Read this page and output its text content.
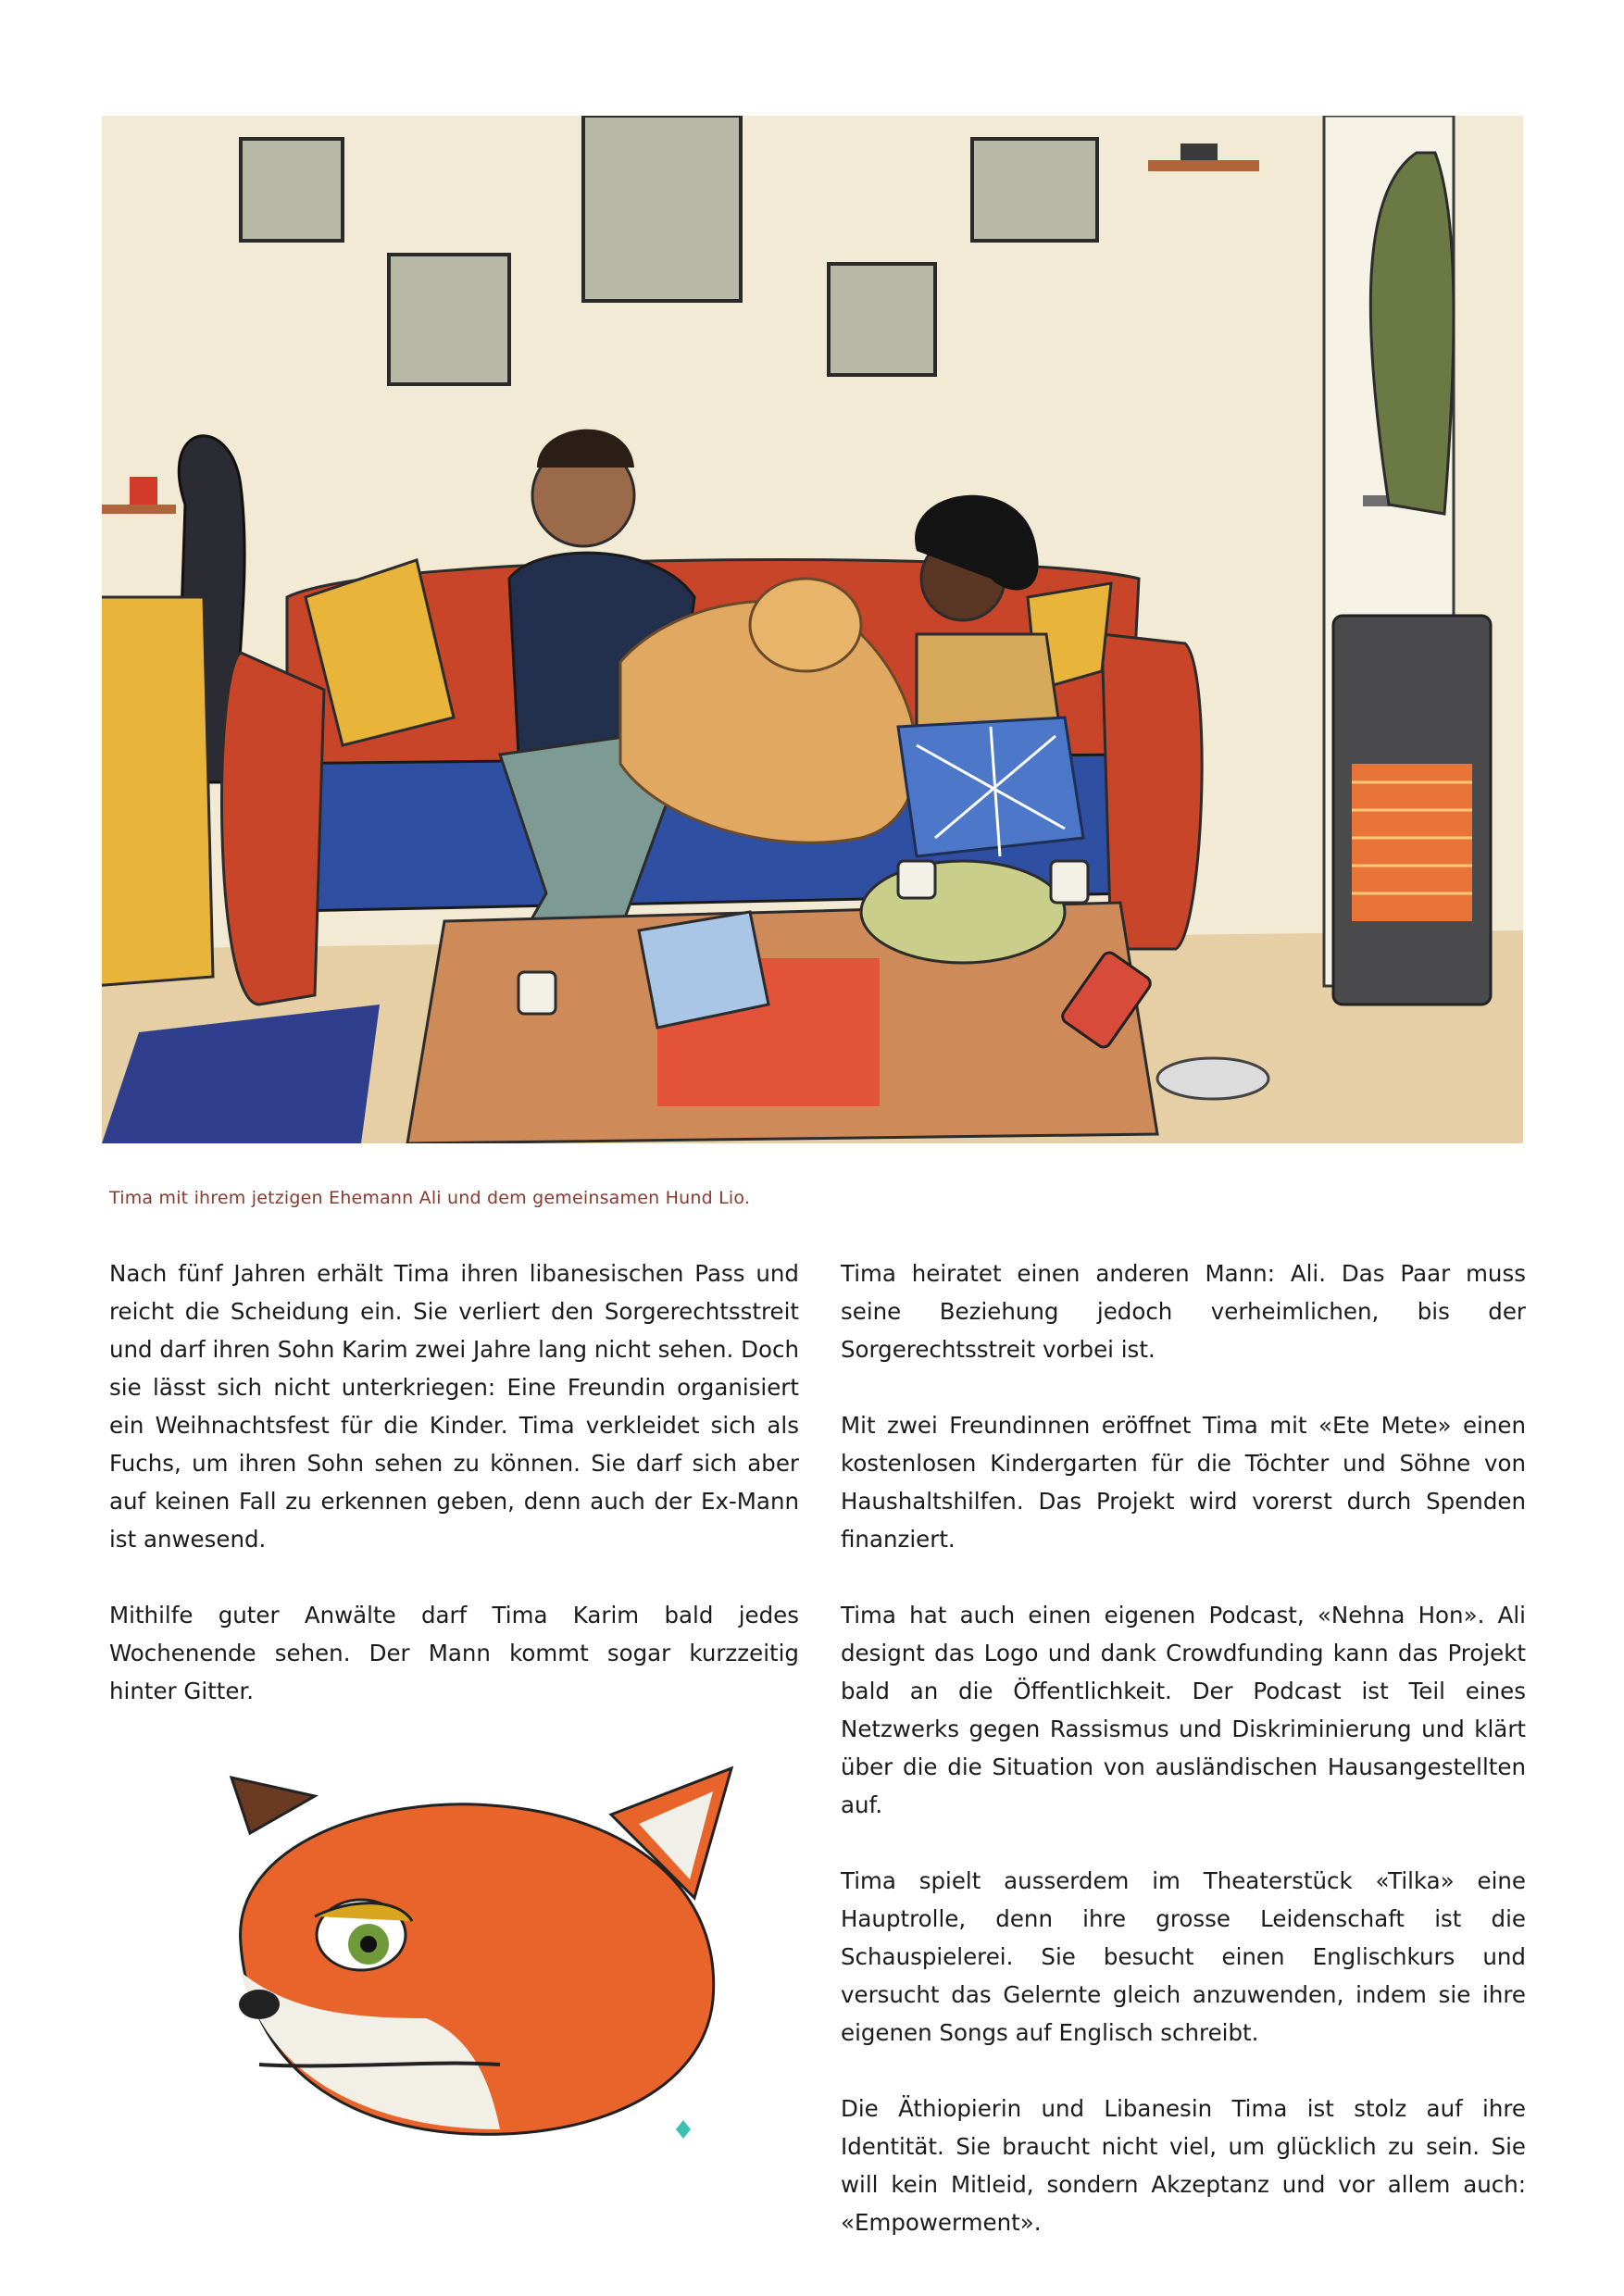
Tima mit ihrem jetzigen Ehemann Ali und dem gemeinsamen Hund Lio.

Nach fünf Jahren erhält Tima ihren libanesischen Pass und reicht die Scheidung ein. Sie verliert den Sorgerechtsstreit und darf ihren Sohn Karim zwei Jahre lang nicht sehen. Doch sie lässt sich nicht unterkriegen: Eine Freundin organisiert ein Weihnachtsfest für die Kinder. Tima verkleidet sich als Fuchs, um ihren Sohn sehen zu können. Sie darf sich aber auf keinen Fall zu erkennen geben, denn auch der Ex-Mann ist anwesend.

Mithilfe guter Anwälte darf Tima Karim bald jedes Wochenende sehen. Der Mann kommt sogar kurzzeitig hinter Gitter.

Tima heiratet einen anderen Mann: Ali. Das Paar muss seine Beziehung jedoch verheimlichen, bis der Sorgerechtsstreit vorbei ist.

Mit zwei Freundinnen eröffnet Tima mit «Ete Mete» einen kostenlosen Kindergarten für die Töchter und Söhne von Haushaltshilfen. Das Projekt wird vorerst durch Spenden finanziert.

Tima hat auch einen eigenen Podcast, «Nehna Hon». Ali designt das Logo und dank Crowdfunding kann das Projekt bald an die Öffentlichkeit. Der Podcast ist Teil eines Netzwerks gegen Rassismus und Diskriminierung und klärt über die die Situation von ausländischen Hausangestellten auf.

Tima spielt ausserdem im Theaterstück «Tilka» eine Hauptrolle, denn ihre grosse Leidenschaft ist die Schauspielerei. Sie besucht einen Englischkurs und versucht das Gelernte gleich anzuwenden, indem sie ihre eigenen Songs auf Englisch schreibt.

Die Äthiopierin und Libanesin Tima ist stolz auf ihre Identität. Sie braucht nicht viel, um glücklich zu sein. Sie will kein Mitleid, sondern Akzeptanz und vor allem auch: «Empowerment».
